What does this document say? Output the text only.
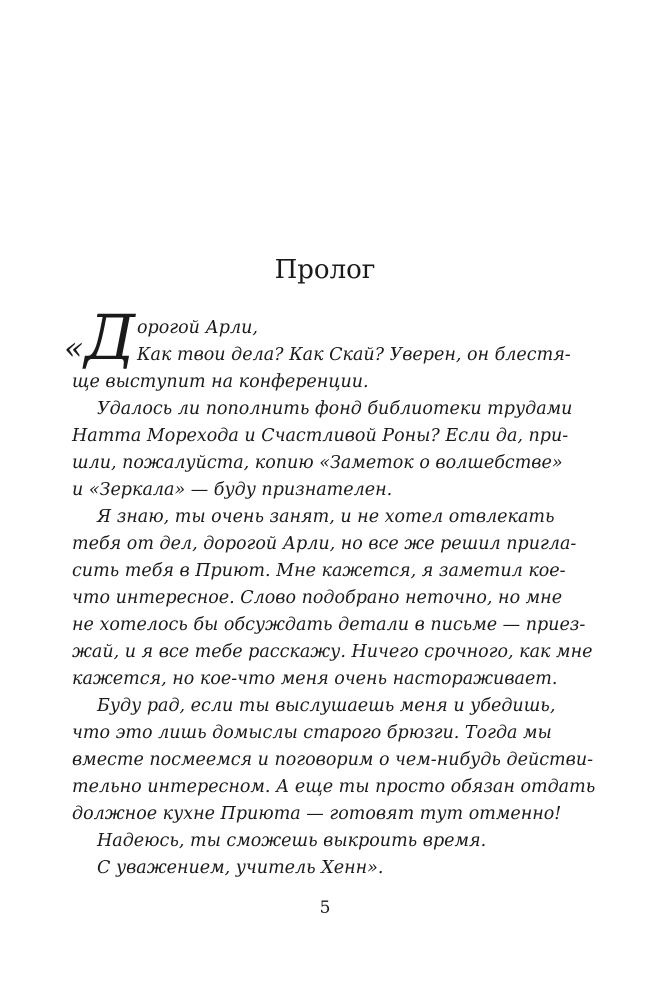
Пролог
«Д орогой Арли,
Как твои дела? Как Скай? Уверен, он блестя-
ще выступит на конференции.
Удалось ли пополнить фонд библиотеки трудами
Натта Морехода и Счастливой Роны? Если да, при-
шли, пожалуйста, копию «Заметок о волшебстве»
и «Зеркала» — буду признателен.
Я знаю, ты очень занят, и не хотел отвлекать
тебя от дел, дорогой Арли, но все же решил пригла-
сить тебя в Приют. Мне кажется, я заметил кое-
что интересное. Слово подобрано неточно, но мне
не хотелось бы обсуждать детали в письме — приез-
жай, и я все тебе расскажу. Ничего срочного, как мне
кажется, но кое-что меня очень настораживает.
Буду рад, если ты выслушаешь меня и убедишь,
что это лишь домыслы старого брюзги. Тогда мы
вместе посмеемся и поговорим о чем-нибудь действи-
тельно интересном. А еще ты просто обязан отдать
должное кухне Приюта — готовят тут отменно!
Надеюсь, ты сможешь выкроить время.
С уважением, учитель Хенн».
5
